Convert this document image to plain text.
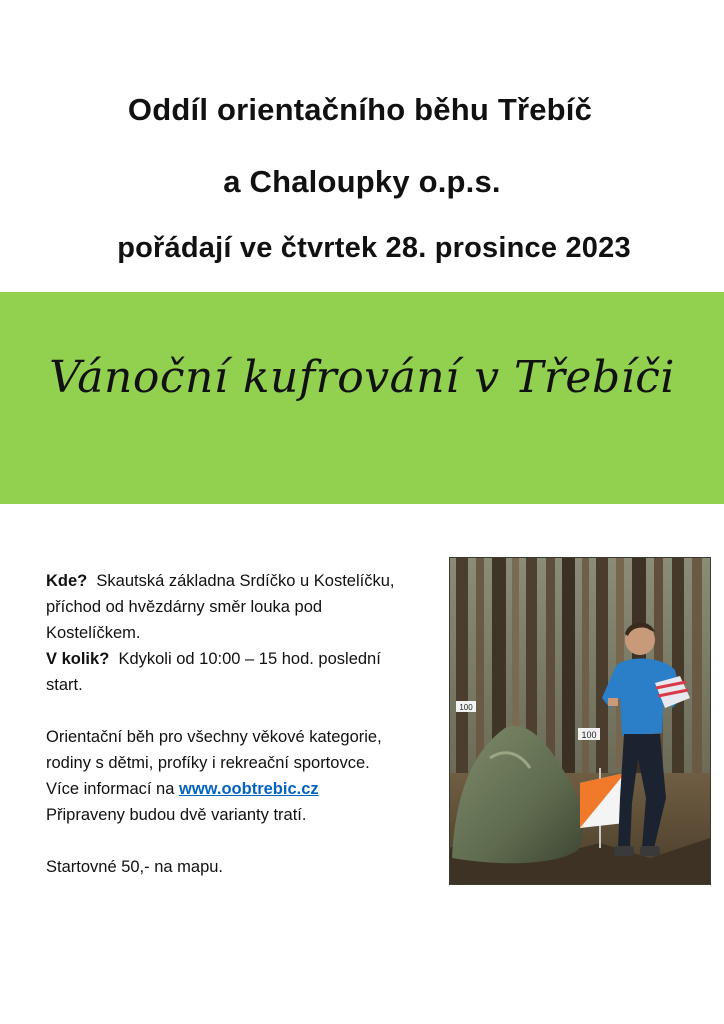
Oddíl orientačního běhu Třebíč
a Chaloupky o.p.s.
pořádají ve čtvrtek 28. prosince 2023
Vánoční kufrování v Třebíči

Kde? Skautská základna Srdíčko u Kostelíčku,

příchod od hvězdárny směr louka pod

Kostelíčkem.

V kolik? Kdykoli od 10:00 – 15 hod. poslední

start.

Orientační běh pro všechny věkové kategorie,

rodiny s dětmi, profíky i rekreační sportovce.

Více informací na www.oobtrebic.cz

Připraveny budou dvě varianty tratí.

Startovné 50,- na mapu.

100
100
